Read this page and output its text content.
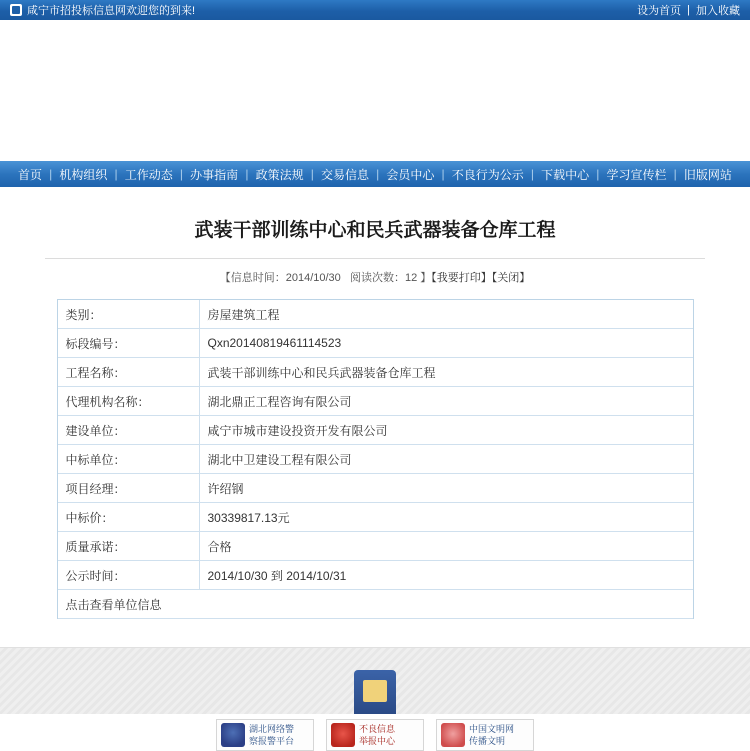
咸宁市招投标信息网欢迎您的到来!	设为首页 | 加入收藏
首页 | 机构组织 | 工作动态 | 办事指南 | 政策法规 | 交易信息 | 会员中心 | 不良行为公示 | 下载中心 | 学习宣传栏 | 旧版网站
武装干部训练中心和民兵武器装备仓库工程
【信息时间：2014/10/30 阅读次数：12 】【我要打印】【关闭】
类别：	房屋建筑工程
标段编号：	Qxn20140819461114523
工程名称：	武装干部训练中心和民兵武器装备仓库工程
代理机构名称：	湖北鼎正工程咨询有限公司
建设单位：	咸宁市城市建设投资开发有限公司
中标单位：	湖北中卫建设工程有限公司
项目经理：	许绍钢
中标价：	30339817.13元
质量承诺：	合格
公示时间：	2014/10/30 到 2014/10/31
点击查看单位信息	
湖北网络警
察报警平台
不良信息
举报中心
中国文明网
传播文明
